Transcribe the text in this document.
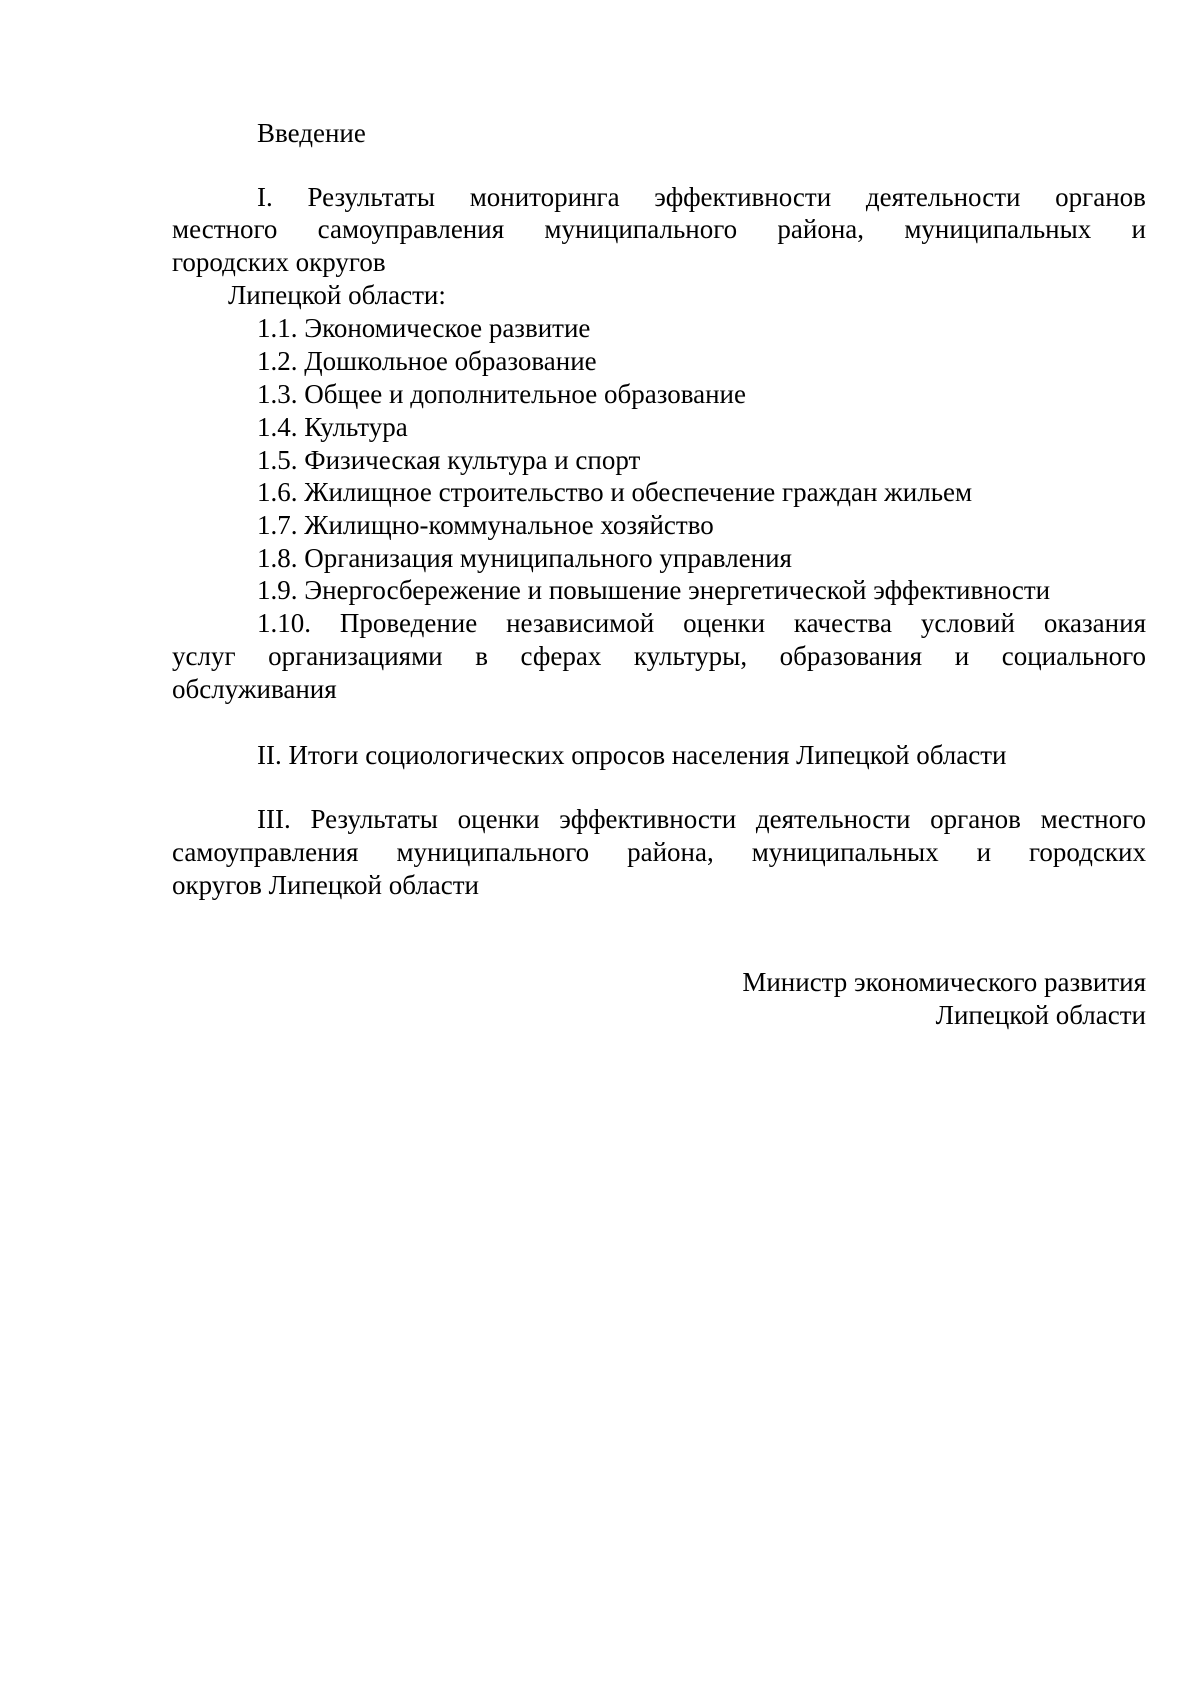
Введение
I. Результаты мониторинга эффективности деятельности органов
местного самоуправления муниципального района, муниципальных и
городских округов
Липецкой области:
1.1. Экономическое развитие
1.2. Дошкольное образование
1.3. Общее и дополнительное образование
1.4. Культура
1.5. Физическая культура и спорт
1.6. Жилищное строительство и обеспечение граждан жильем
1.7. Жилищно-коммунальное хозяйство
1.8. Организация муниципального управления
1.9. Энергосбережение и повышение энергетической эффективности
1.10. Проведение независимой оценки качества условий оказания
услуг организациями в сферах культуры, образования и социального
обслуживания
II. Итоги социологических опросов населения Липецкой области
III. Результаты оценки эффективности деятельности органов местного
самоуправления муниципального района, муниципальных и городских
округов Липецкой области
Министр экономического развития
Липецкой области
